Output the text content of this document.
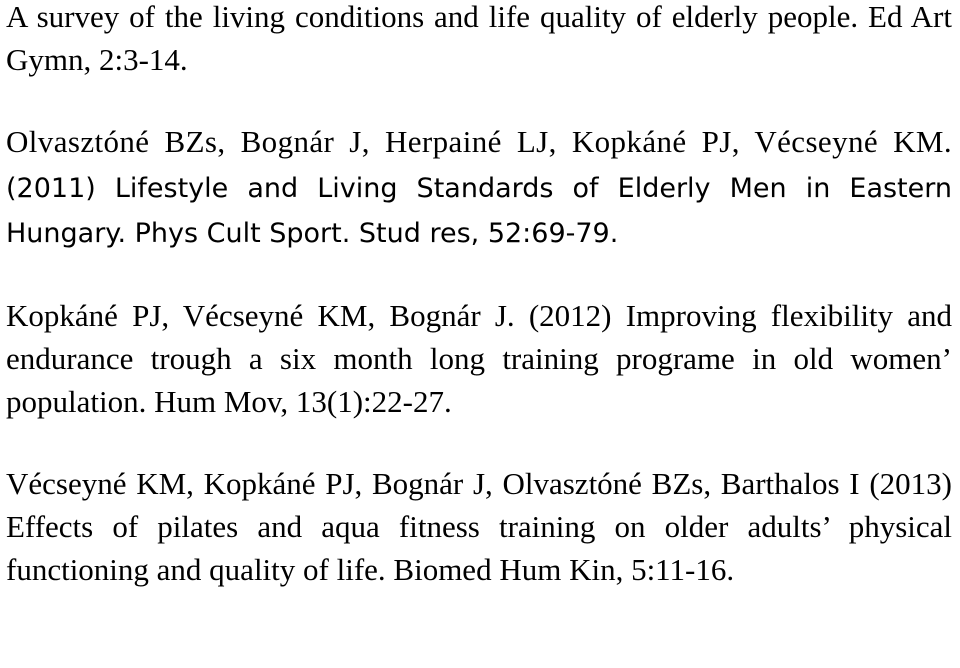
A survey of the living conditions and life quality of elderly people. Ed Art Gymn, 2:3-14.

Olvasztóné BZs, Bognár J, Herpainé LJ, Kopkáné PJ, Vécseyné KM. (2011) Lifestyle and Living Standards of Elderly Men in Eastern Hungary. Phys Cult Sport. Stud res, 52:69-79.

Kopkáné PJ, Vécseyné KM, Bognár J. (2012) Improving flexibility and endurance trough a six month long training programe in old women’ population. Hum Mov, 13(1):22-27.

Vécseyné KM, Kopkáné PJ, Bognár J, Olvasztóné BZs, Barthalos I (2013) Effects of pilates and aqua fitness training on older adults’ physical functioning and quality of life. Biomed Hum Kin, 5:11-16.
